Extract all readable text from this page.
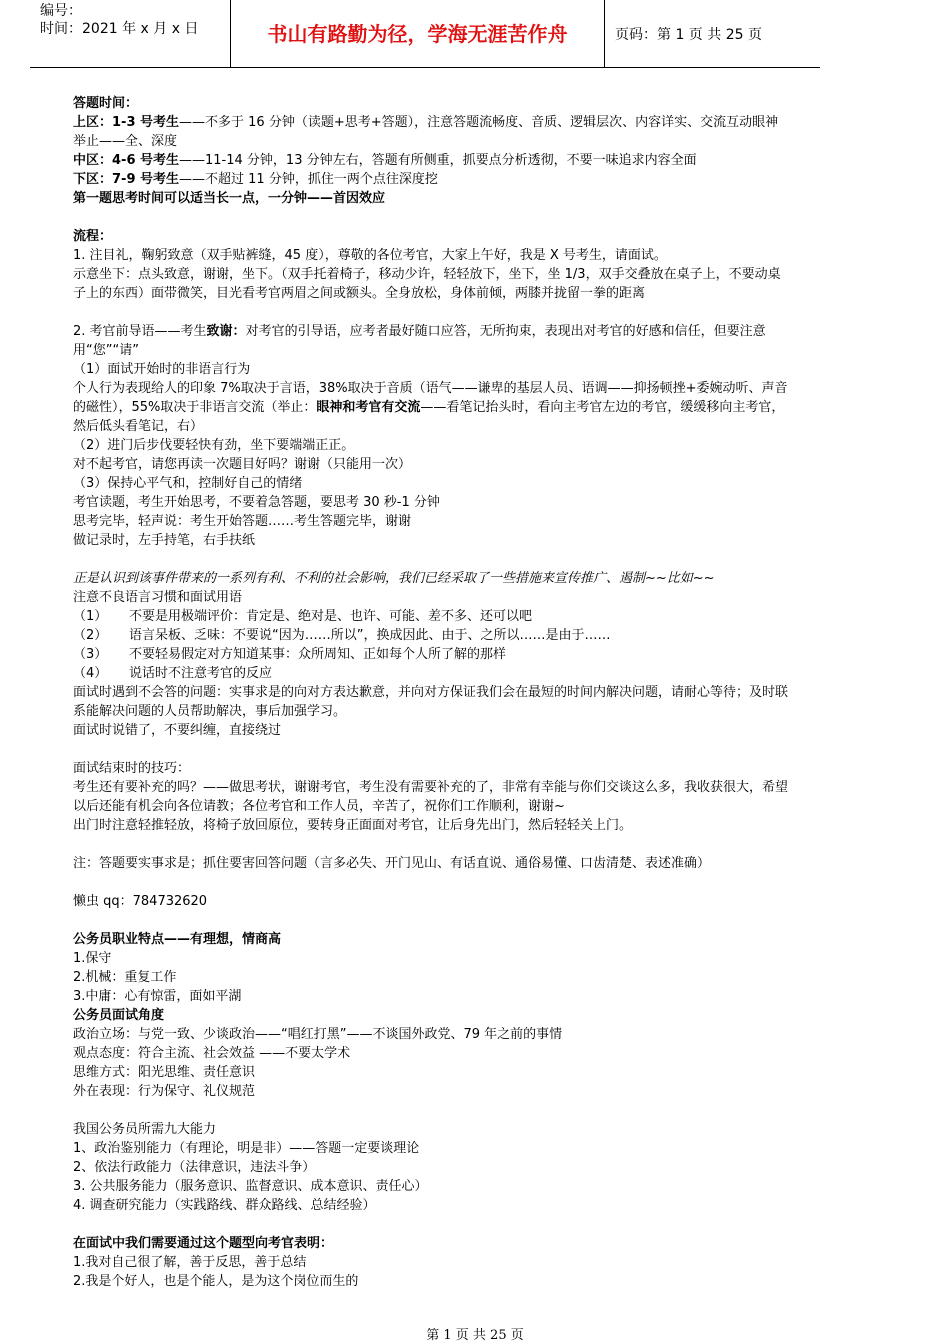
编号：
时间：2021 年 x 月 x 日	书山有路勤为径，学海无涯苦作舟	页码：第 1 页 共 25 页

答题时间：

上区：1-3 号考生——不多于 16 分钟（读题+思考+答题），注意答题流畅度、音质、逻辑层次、内容详实、交流互动眼神举止——全、深度

中区：4-6 号考生——11-14 分钟，13 分钟左右，答题有所侧重，抓要点分析透彻，不要一味追求内容全面

下区：7-9 号考生——不超过 11 分钟，抓住一两个点往深度挖

第一题思考时间可以适当长一点，一分钟——首因效应

流程：

1. 注目礼，鞠躬致意（双手贴裤缝，45 度），尊敬的各位考官，大家上午好，我是 X 号考生，请面试。

示意坐下：点头致意，谢谢，坐下。（双手托着椅子，移动少许，轻轻放下，坐下，坐 1/3，双手交叠放在桌子上，不要动桌子上的东西）面带微笑，目光看考官两眉之间或额头。全身放松，身体前倾，两膝并拢留一拳的距离

2. 考官前导语——考生致谢：对考官的引导语，应考者最好随口应答，无所拘束，表现出对考官的好感和信任，但要注意用“您”“请”

（1）面试开始时的非语言行为

个人行为表现给人的印象 7%取决于言语，38%取决于音质（语气——谦卑的基层人员、语调——抑扬顿挫+委婉动听、声音的磁性），55%取决于非语言交流（举止：眼神和考官有交流——看笔记抬头时，看向主考官左边的考官，缓缓移向主考官，然后低头看笔记，右）

（2）进门后步伐要轻快有劲，坐下要端端正正。

对不起考官，请您再读一次题目好吗？谢谢（只能用一次）

（3）保持心平气和，控制好自己的情绪

考官读题，考生开始思考，不要着急答题，要思考 30 秒-1 分钟

思考完毕，轻声说：考生开始答题……考生答题完毕，谢谢

做记录时，左手持笔，右手扶纸

正是认识到该事件带来的一系列有利、不利的社会影响，我们已经采取了一些措施来宣传推广、遏制~~比如~~

注意不良语言习惯和面试用语

（1） 不要是用极端评价：肯定是、绝对是、也许、可能、差不多、还可以吧

（2） 语言呆板、乏味：不要说“因为……所以”，换成因此、由于、之所以……是由于……

（3） 不要轻易假定对方知道某事：众所周知、正如每个人所了解的那样

（4） 说话时不注意考官的反应

面试时遇到不会答的问题：实事求是的向对方表达歉意，并向对方保证我们会在最短的时间内解决问题，请耐心等待；及时联系能解决问题的人员帮助解决，事后加强学习。

面试时说错了，不要纠缠，直接绕过

面试结束时的技巧：

考生还有要补充的吗？——做思考状，谢谢考官，考生没有需要补充的了，非常有幸能与你们交谈这么多，我收获很大，希望以后还能有机会向各位请教；各位考官和工作人员，辛苦了，祝你们工作顺利，谢谢~

出门时注意轻推轻放，将椅子放回原位，要转身正面面对考官，让后身先出门，然后轻轻关上门。

注：答题要实事求是；抓住要害回答问题（言多必失、开门见山、有话直说、通俗易懂、口齿清楚、表述准确）

懒虫 qq：784732620

公务员职业特点——有理想，情商高

1.保守

2.机械：重复工作

3.中庸：心有惊雷，面如平湖

公务员面试角度

政治立场：与党一致、少谈政治——“唱红打黑”——不谈国外政党、79 年之前的事情

观点态度：符合主流、社会效益 ——不要太学术

思维方式：阳光思维、责任意识

外在表现：行为保守、礼仪规范

我国公务员所需九大能力

1、政治鉴别能力（有理论，明是非）——答题一定要谈理论

2、依法行政能力（法律意识，违法斗争）

3. 公共服务能力（服务意识、监督意识、成本意识、责任心）

4. 调查研究能力（实践路线、群众路线、总结经验）

在面试中我们需要通过这个题型向考官表明：

1.我对自己很了解，善于反思，善于总结

2.我是个好人，也是个能人，是为这个岗位而生的

第 1 页 共 25 页
